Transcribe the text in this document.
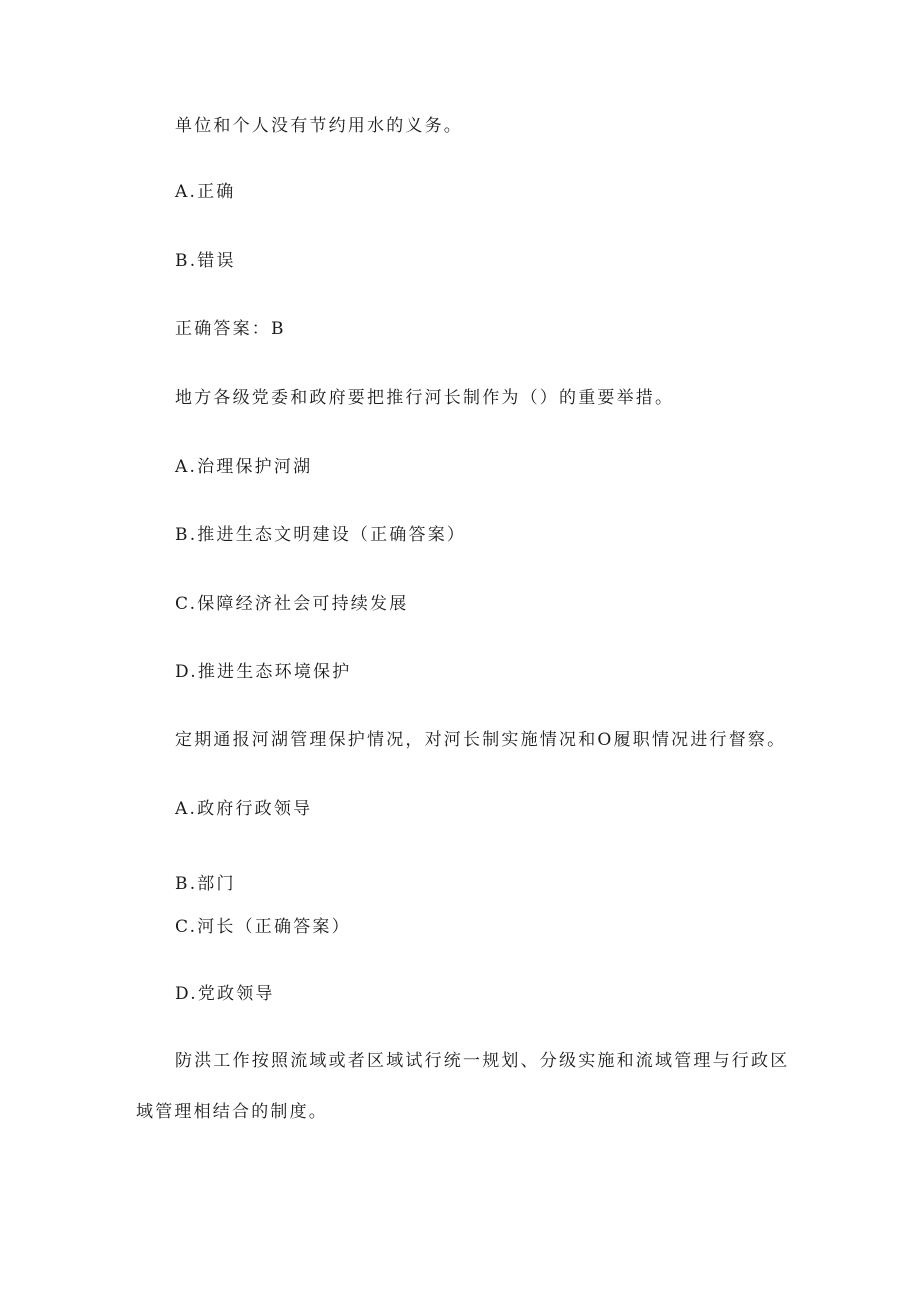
单位和个人没有节约用水的义务。
A.正确
B.错误
正确答案：B
地方各级党委和政府要把推行河长制作为（）的重要举措。
A.治理保护河湖
B.推进生态文明建设（正确答案）
C.保障经济社会可持续发展
D.推进生态环境保护
定期通报河湖管理保护情况，对河长制实施情况和O履职情况进行督察。
A.政府行政领导
B.部门
C.河长（正确答案）
D.党政领导
防洪工作按照流域或者区域试行统一规划、分级实施和流域管理与行政区
域管理相结合的制度。
